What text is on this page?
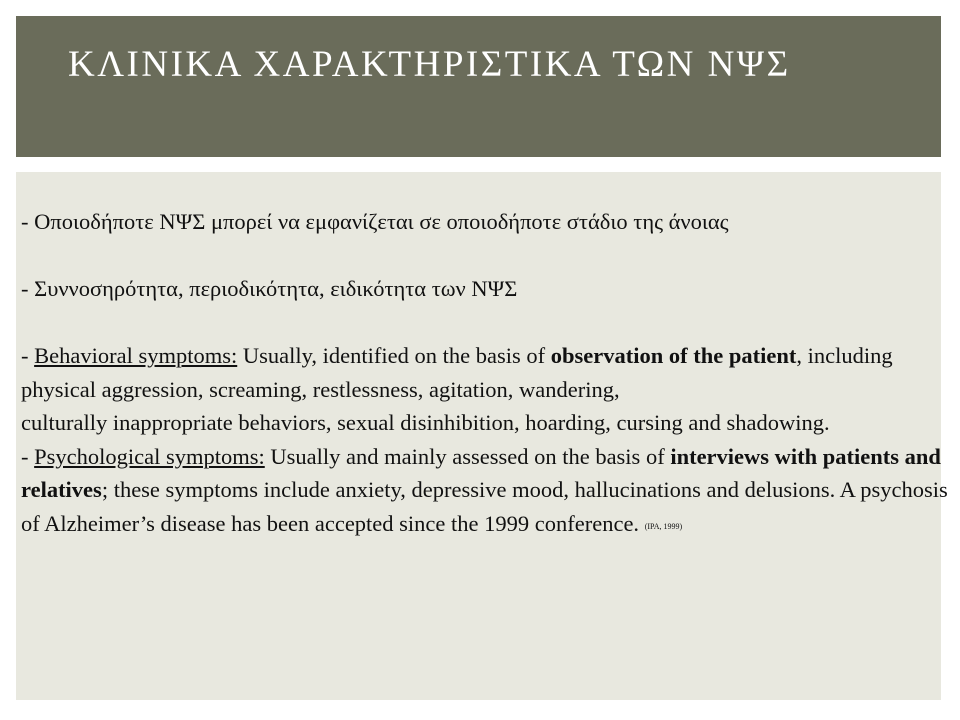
ΚΛΙΝΙΚΑ ΧΑΡΑΚΤΗΡΙΣΤΙΚΑ ΤΩΝ ΝΨΣ

- Οποιοδήποτε ΝΨΣ μπορεί να εμφανίζεται σε οποιοδήποτε στάδιο της άνοιας

- Συννοσηρότητα, περιοδικότητα, ειδικότητα των ΝΨΣ

- Behavioral symptoms: Usually, identified on the basis of observation of the patient, including physical aggression, screaming, restlessness, agitation, wandering,

culturally inappropriate behaviors, sexual disinhibition, hoarding, cursing and shadowing.

- Psychological symptoms: Usually and mainly assessed on the basis of interviews with patients and relatives; these symptoms include anxiety, depressive mood, hallucinations and delusions. A psychosis of Alzheimer’s disease has been accepted since the 1999 conference. (IPA, 1999)
